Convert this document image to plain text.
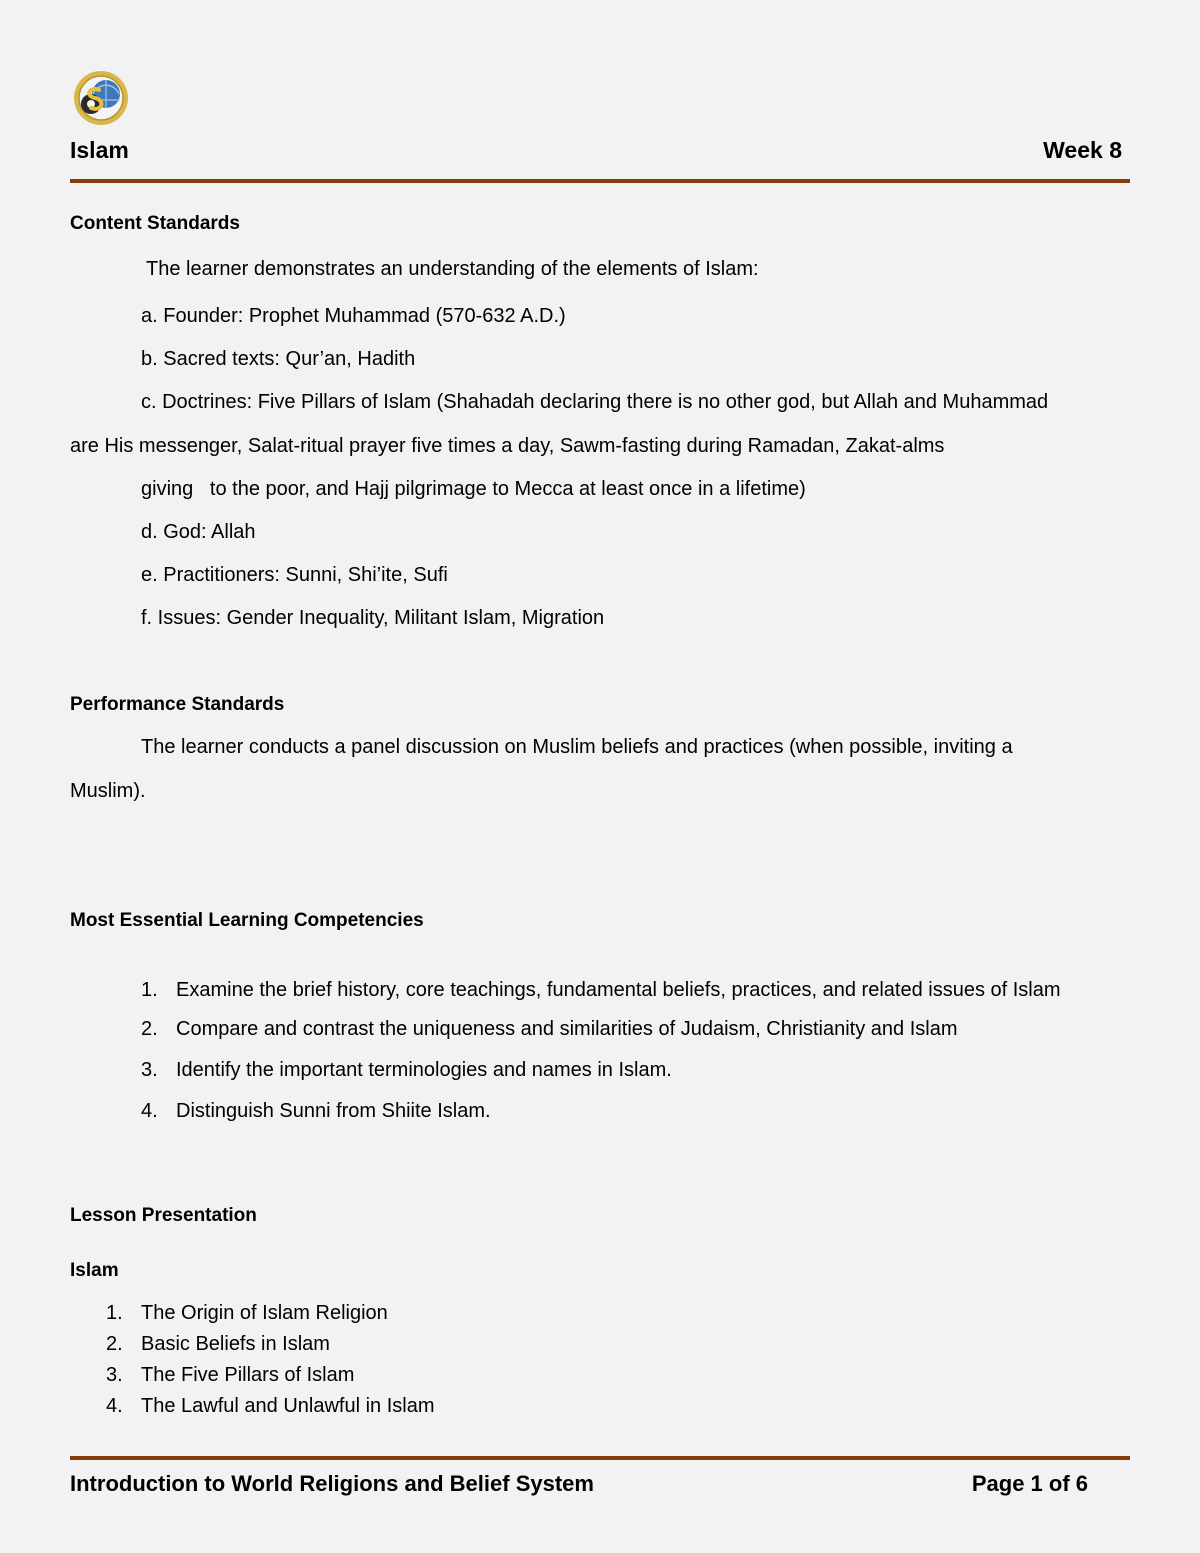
Islam	Week 8
Content Standards
The learner demonstrates an understanding of the elements of Islam:
a. Founder: Prophet Muhammad (570-632 A.D.)
b. Sacred texts: Qur’an, Hadith
c. Doctrines: Five Pillars of Islam (Shahadah declaring there is no other god, but Allah and Muhammad
are His messenger, Salat-ritual prayer five times a day, Sawm-fasting during Ramadan, Zakat-alms
giving   to the poor, and Hajj pilgrimage to Mecca at least once in a lifetime)
d. God: Allah
e. Practitioners: Sunni, Shi’ite, Sufi
f. Issues: Gender Inequality, Militant Islam, Migration
Performance Standards
The learner conducts a panel discussion on Muslim beliefs and practices (when possible, inviting a
Muslim).
Most Essential Learning Competencies
1. Examine the brief history, core teachings, fundamental beliefs, practices, and related issues of Islam
2. Compare and contrast the uniqueness and similarities of Judaism, Christianity and Islam
3. Identify the important terminologies and names in Islam.
4. Distinguish Sunni from Shiite Islam.
Lesson Presentation
Islam
1. The Origin of Islam Religion
2. Basic Beliefs in Islam
3. The Five Pillars of Islam
4. The Lawful and Unlawful in Islam
Introduction to World Religions and Belief System	Page 1 of 6
